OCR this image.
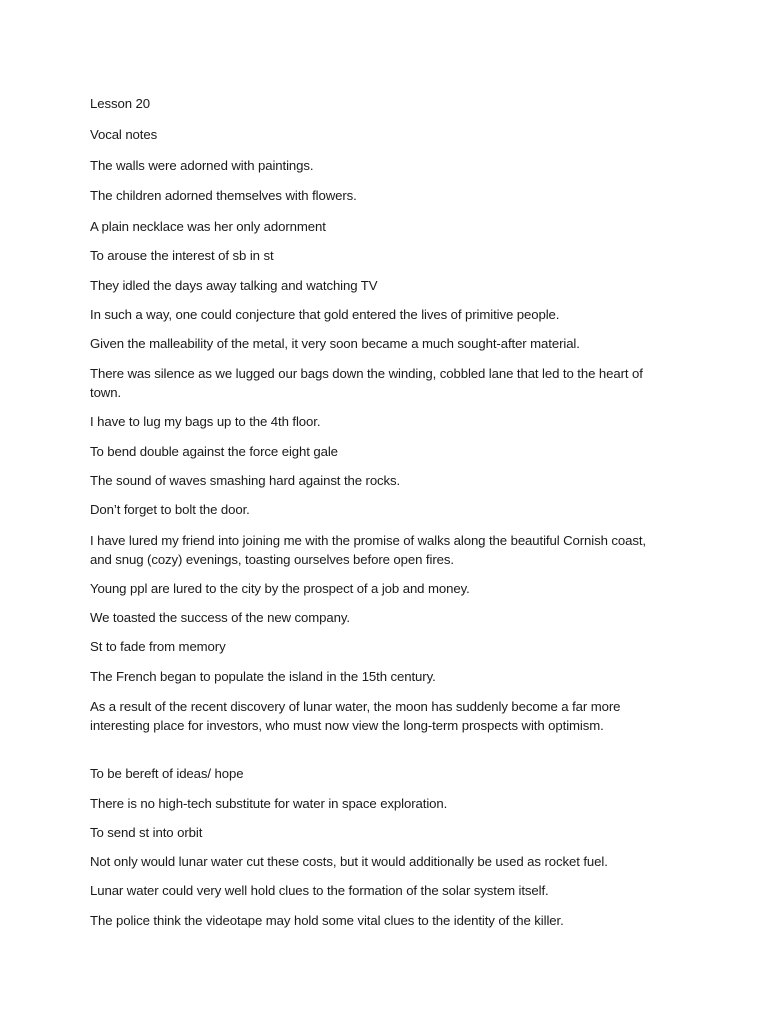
Lesson 20

Vocal notes

The walls were adorned with paintings.

The children adorned themselves with flowers.

A plain necklace was her only adornment

To arouse the interest of sb in st

They idled the days away talking and watching TV

In such a way, one could conjecture that gold entered the lives of primitive people.

Given the malleability of the metal, it very soon became a much sought-after material.

There was silence as we lugged our bags down the winding, cobbled lane that led to the heart of town.

I have to lug my bags up to the 4th floor.

To bend double against the force eight gale

The sound of waves smashing hard against the rocks.

Don’t forget to bolt the door.

I have lured my friend into joining me with the promise of walks along the beautiful Cornish coast, and snug (cozy) evenings, toasting ourselves before open fires.

Young ppl are lured to the city by the prospect of a job and money.

We toasted the success of the new company.

St to fade from memory

The French began to populate the island in the 15th century.

As a result of the recent discovery of lunar water, the moon has suddenly become a far more interesting place for investors, who must now view the long-term prospects with optimism.

To be bereft of ideas/ hope

There is no high-tech substitute for water in space exploration.

To send st into orbit

Not only would lunar water cut these costs, but it would additionally be used as rocket fuel.

Lunar water could very well hold clues to the formation of the solar system itself.

The police think the videotape may hold some vital clues to the identity of the killer.
